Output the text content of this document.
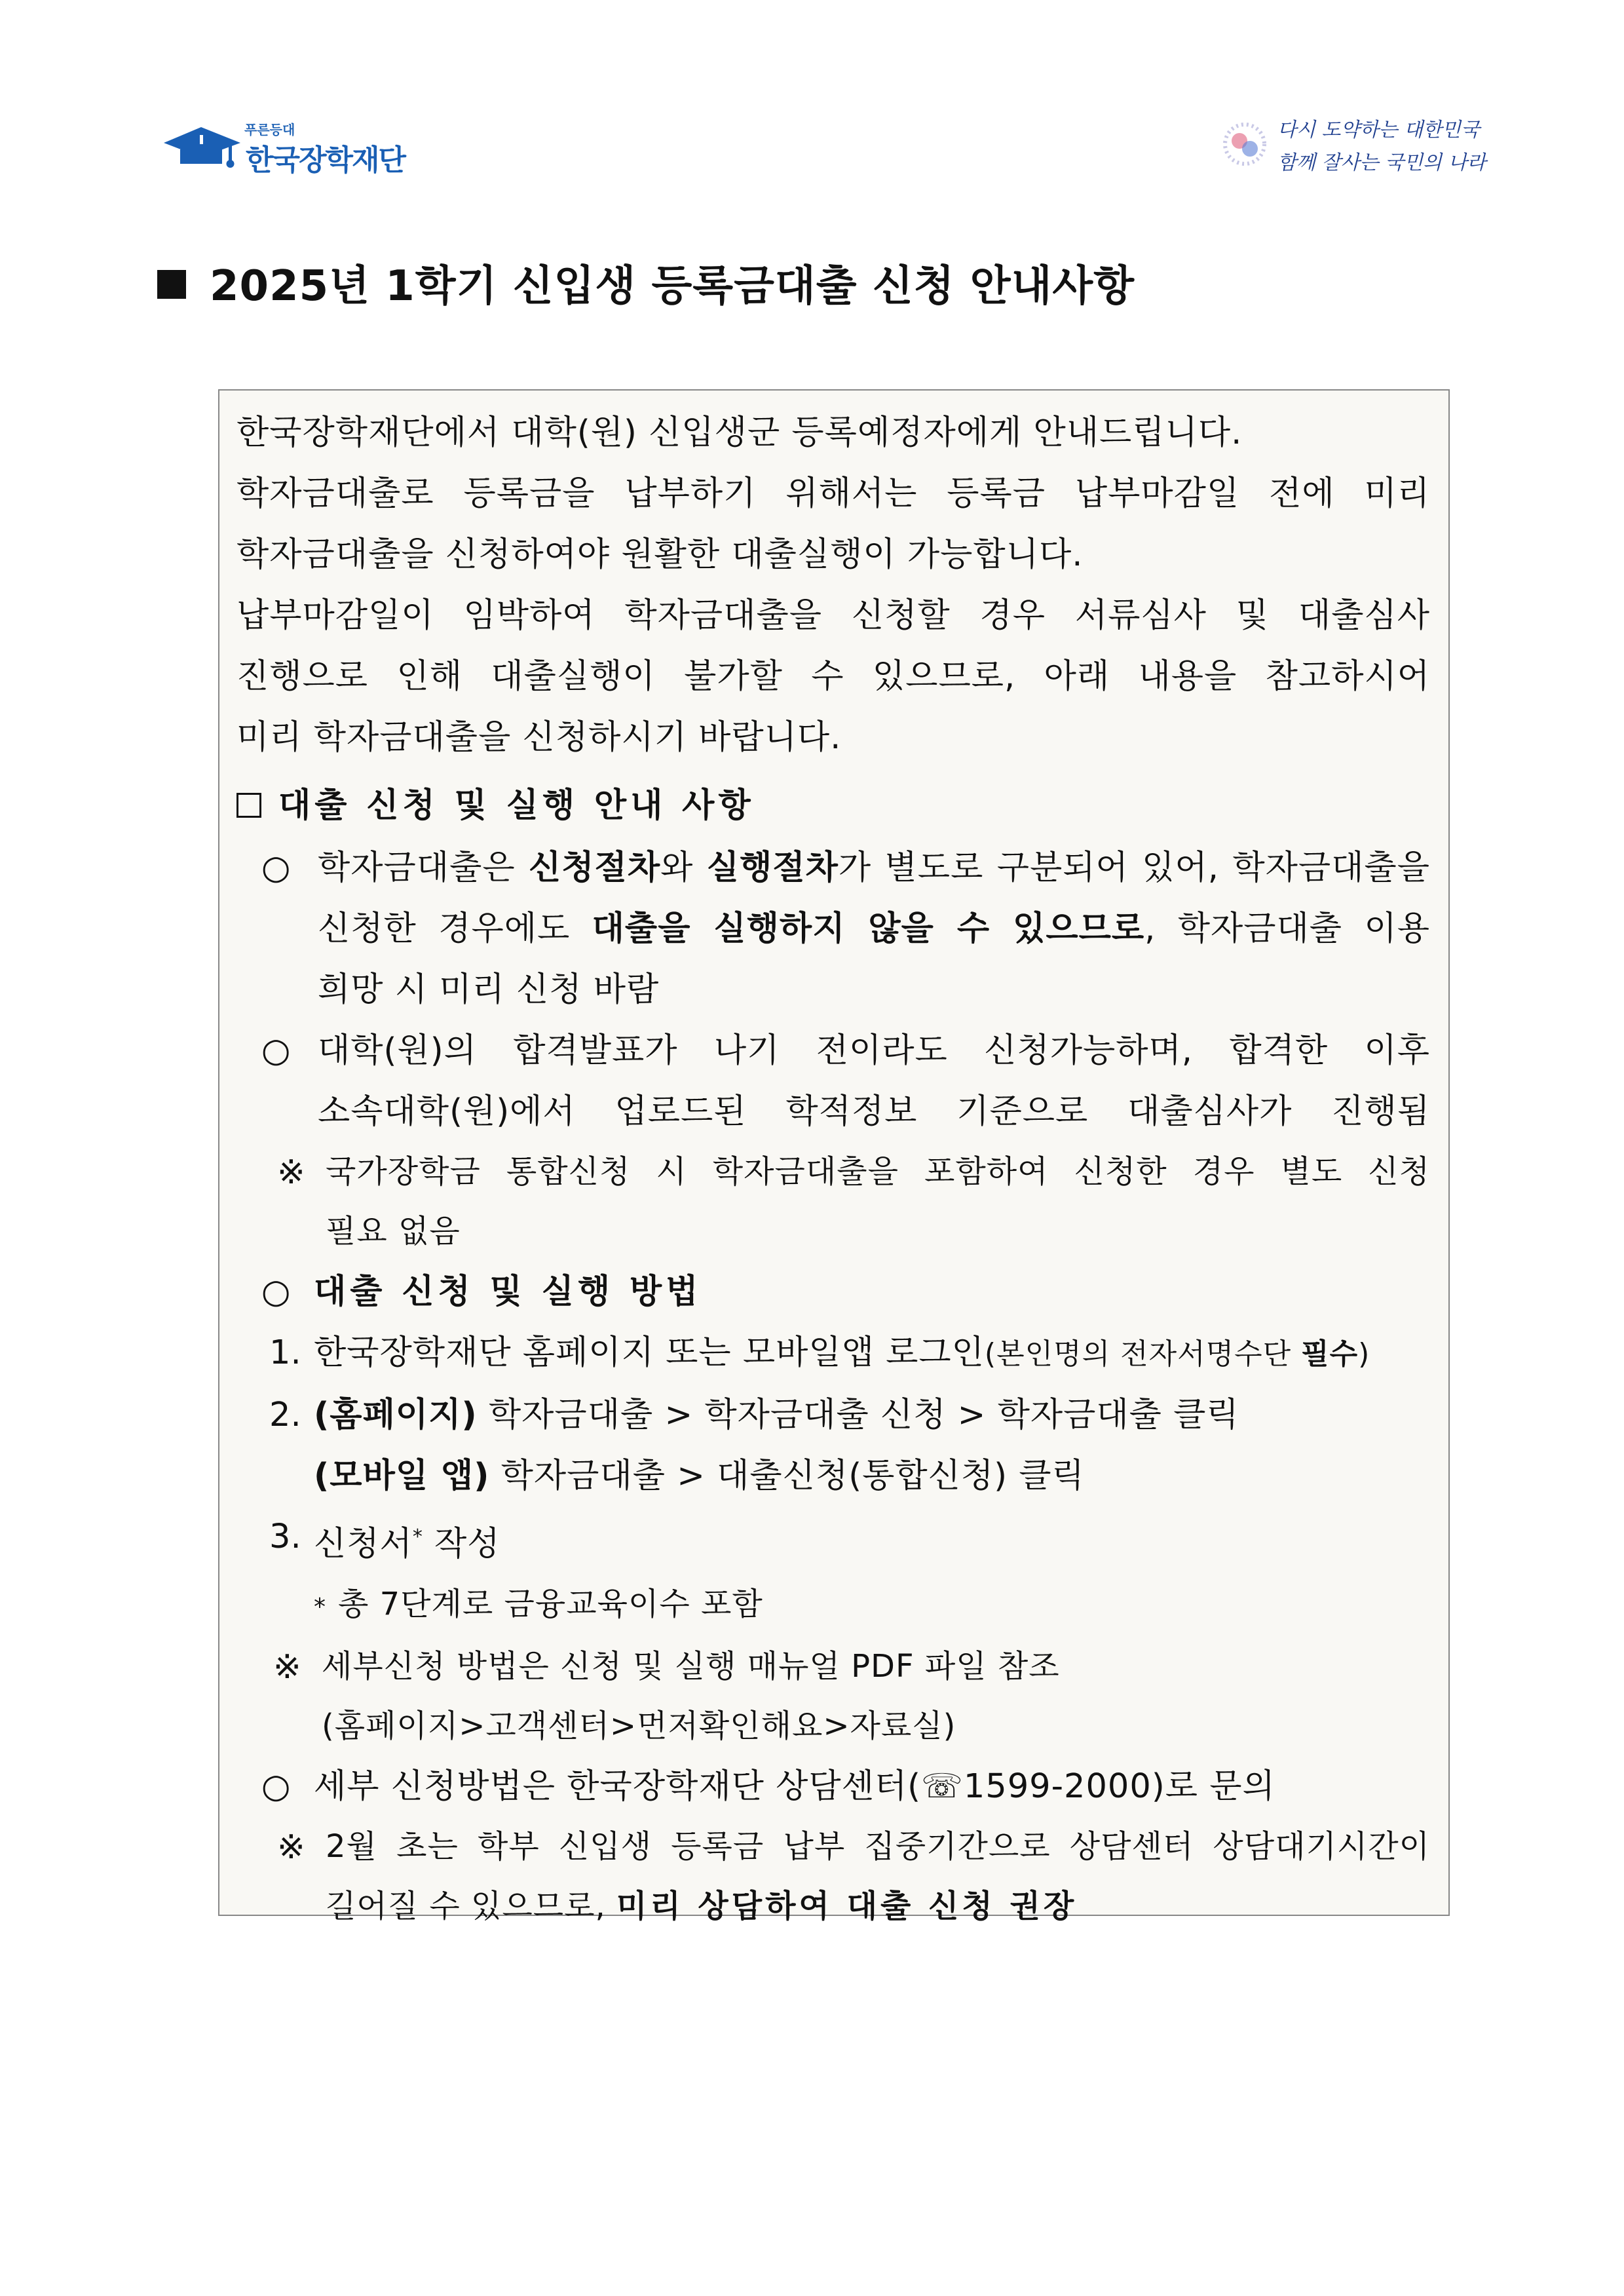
푸른등대
한국장학재단
다시 도약하는 대한민국
함께 잘사는 국민의 나라
2025년 1학기 신입생 등록금대출 신청 안내사항
한국장학재단에서 대학(원) 신입생군 등록예정자에게 안내드립니다.
학자금대출로 등록금을 납부하기 위해서는 등록금 납부마감일 전에 미리
학자금대출을 신청하여야 원활한 대출실행이 가능합니다.
납부마감일이 임박하여 학자금대출을 신청할 경우 서류심사 및 대출심사
진행으로 인해 대출실행이 불가할 수 있으므로, 아래 내용을 참고하시어
미리 학자금대출을 신청하시기 바랍니다.
대출 신청 및 실행 안내 사항
○ 학자금대출은 신청절차와 실행절차가 별도로 구분되어 있어, 학자금대출을
신청한 경우에도 대출을 실행하지 않을 수 있으므로, 학자금대출 이용
희망 시 미리 신청 바람
○ 대학(원)의 합격발표가 나기 전이라도 신청가능하며, 합격한 이후
소속대학(원)에서 업로드된 학적정보 기준으로 대출심사가 진행됨
※ 국가장학금 통합신청 시 학자금대출을 포함하여 신청한 경우 별도 신청
필요 없음
○ 대출 신청 및 실행 방법
1. 한국장학재단 홈페이지 또는 모바일앱 로그인(본인명의 전자서명수단 필수)
2. (홈페이지) 학자금대출 > 학자금대출 신청 > 학자금대출 클릭
(모바일 앱) 학자금대출 > 대출신청(통합신청) 클릭
3. 신청서* 작성
* 총 7단계로 금융교육이수 포함
※ 세부신청 방법은 신청 및 실행 매뉴얼 PDF 파일 참조
(홈페이지>고객센터>먼저확인해요>자료실)
○ 세부 신청방법은 한국장학재단 상담센터(☏1599-2000)로 문의
※ 2월 초는 학부 신입생 등록금 납부 집중기간으로 상담센터 상담대기시간이
길어질 수 있으므로, 미리 상담하여 대출 신청 권장
